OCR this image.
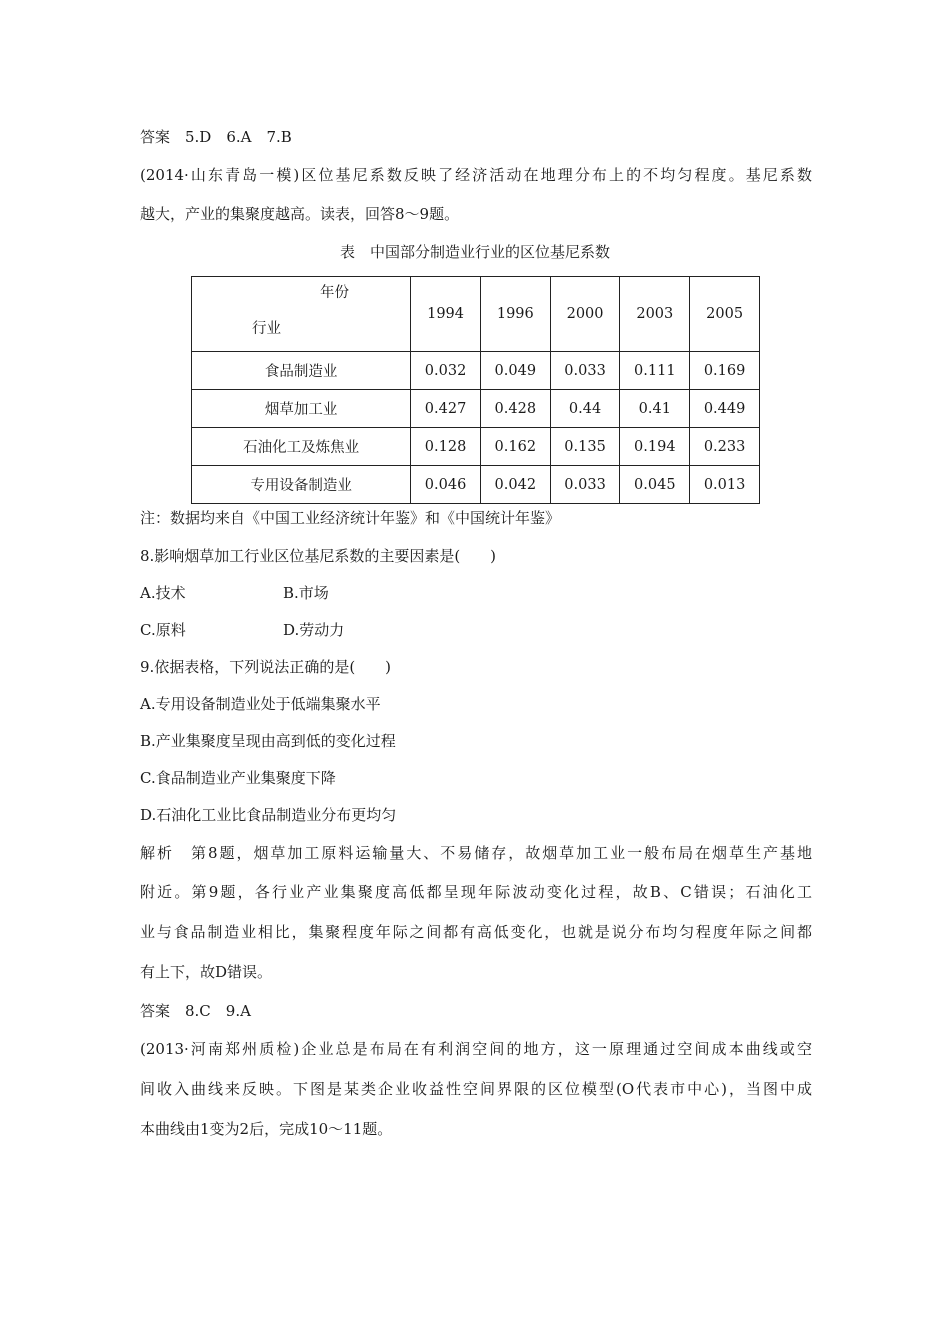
答案　5.D　6.A　7.B

(2014·山东青岛一模)区位基尼系数反映了经济活动在地理分布上的不均匀程度。基尼系数

越大，产业的集聚度越高。读表，回答8～9题。

表　中国部分制造业行业的区位基尼系数
年份
行业	1994	1996	2000	2003	2005
食品制造业	0.032	0.049	0.033	0.111	0.169
烟草加工业	0.427	0.428	0.44	0.41	0.449
石油化工及炼焦业	0.128	0.162	0.135	0.194	0.233
专用设备制造业	0.046	0.042	0.033	0.045	0.013

注：数据均来自《中国工业经济统计年鉴》和《中国统计年鉴》

8.影响烟草加工行业区位基尼系数的主要因素是(　　)

A.技术	B.市场

C.原料	D.劳动力

9.依据表格，下列说法正确的是(　　)

A.专用设备制造业处于低端集聚水平

B.产业集聚度呈现由高到低的变化过程

C.食品制造业产业集聚度下降

D.石油化工业比食品制造业分布更均匀

解析　第8题，烟草加工原料运输量大、不易储存，故烟草加工业一般布局在烟草生产基地

附近。第9题，各行业产业集聚度高低都呈现年际波动变化过程，故B、C错误；石油化工

业与食品制造业相比，集聚程度年际之间都有高低变化，也就是说分布均匀程度年际之间都

有上下，故D错误。

答案　8.C　9.A

(2013·河南郑州质检)企业总是布局在有利润空间的地方，这一原理通过空间成本曲线或空

间收入曲线来反映。下图是某类企业收益性空间界限的区位模型(O代表市中心)，当图中成

本曲线由1变为2后，完成10～11题。
